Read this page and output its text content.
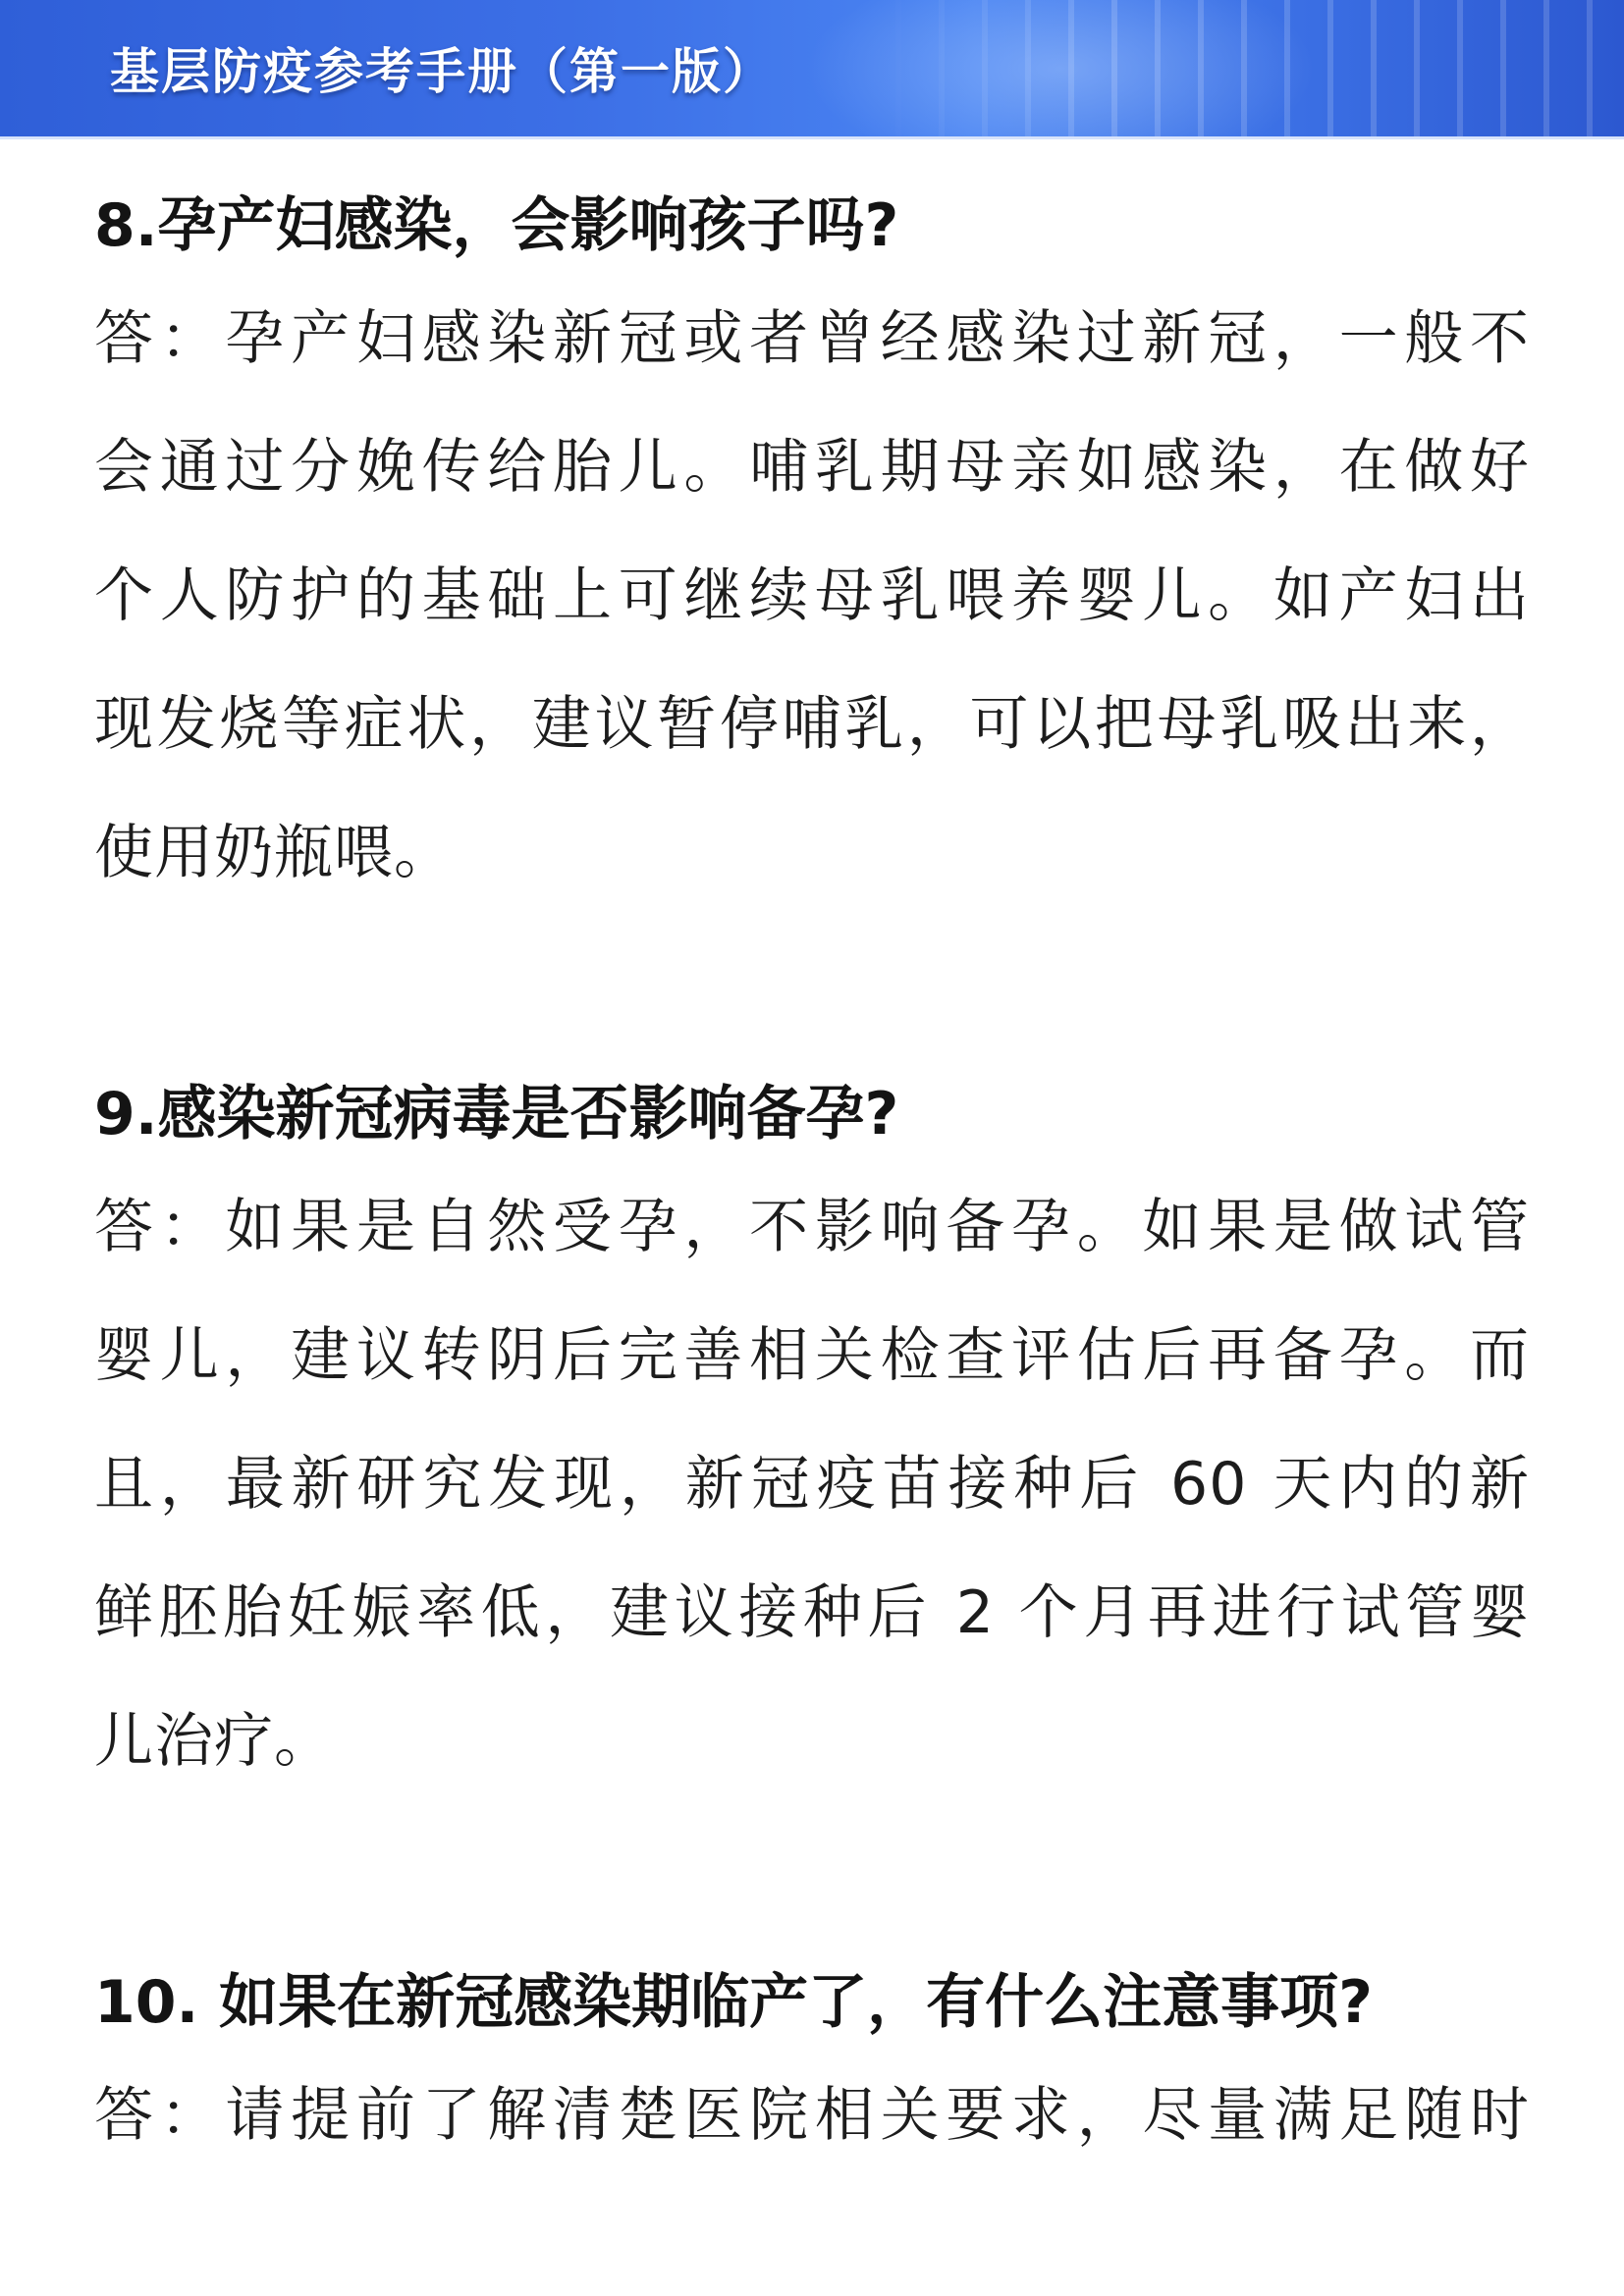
基层防疫参考手册（第一版）
8.孕产妇感染，会影响孩子吗?

答：孕产妇感染新冠或者曾经感染过新冠，一般不
会通过分娩传给胎儿。哺乳期母亲如感染，在做好
个人防护的基础上可继续母乳喂养婴儿。如产妇出
现发烧等症状，建议暂停哺乳，可以把母乳吸出来，
使用奶瓶喂。

9.感染新冠病毒是否影响备孕?

答：如果是自然受孕，不影响备孕。如果是做试管
婴儿，建议转阴后完善相关检查评估后再备孕。而
且，最新研究发现，新冠疫苗接种后 60 天内的新
鲜胚胎妊娠率低，建议接种后 2 个月再进行试管婴
儿治疗。

10. 如果在新冠感染期临产了，有什么注意事项?

答：请提前了解清楚医院相关要求，尽量满足随时
